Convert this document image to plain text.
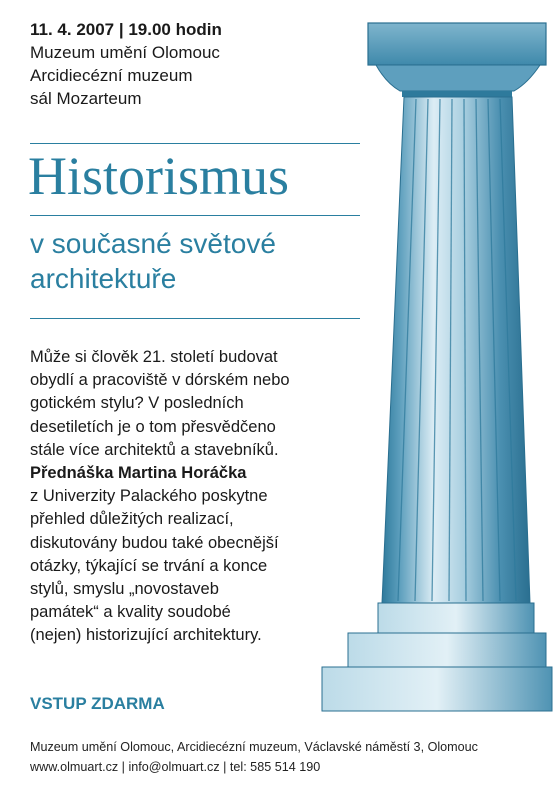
11. 4. 2007 | 19.00 hodin
Muzeum umění Olomouc
Arcidiecézní muzeum
sál Mozarteum
Historismus
v současné světové
architektuře
Může si člověk 21. století budovat
obydlí a pracoviště v dórském nebo
gotickém stylu? V posledních
desetiletích je o tom přesvědčeno
stále více architektů a stavebníků.
Přednáška Martina Horáčka
z Univerzity Palackého poskytne
přehled důležitých realizací,
diskutovány budou také obecnější
otázky, týkající se trvání a konce
stylů, smyslu „novostaveb
památek“ a kvality soudobé
(nejen) historizující architektury.
VSTUP ZDARMA
Muzeum umění Olomouc, Arcidiecézní muzeum, Václavské náměstí 3, Olomouc
www.olmuart.cz | info@olmuart.cz | tel: 585 514 190
